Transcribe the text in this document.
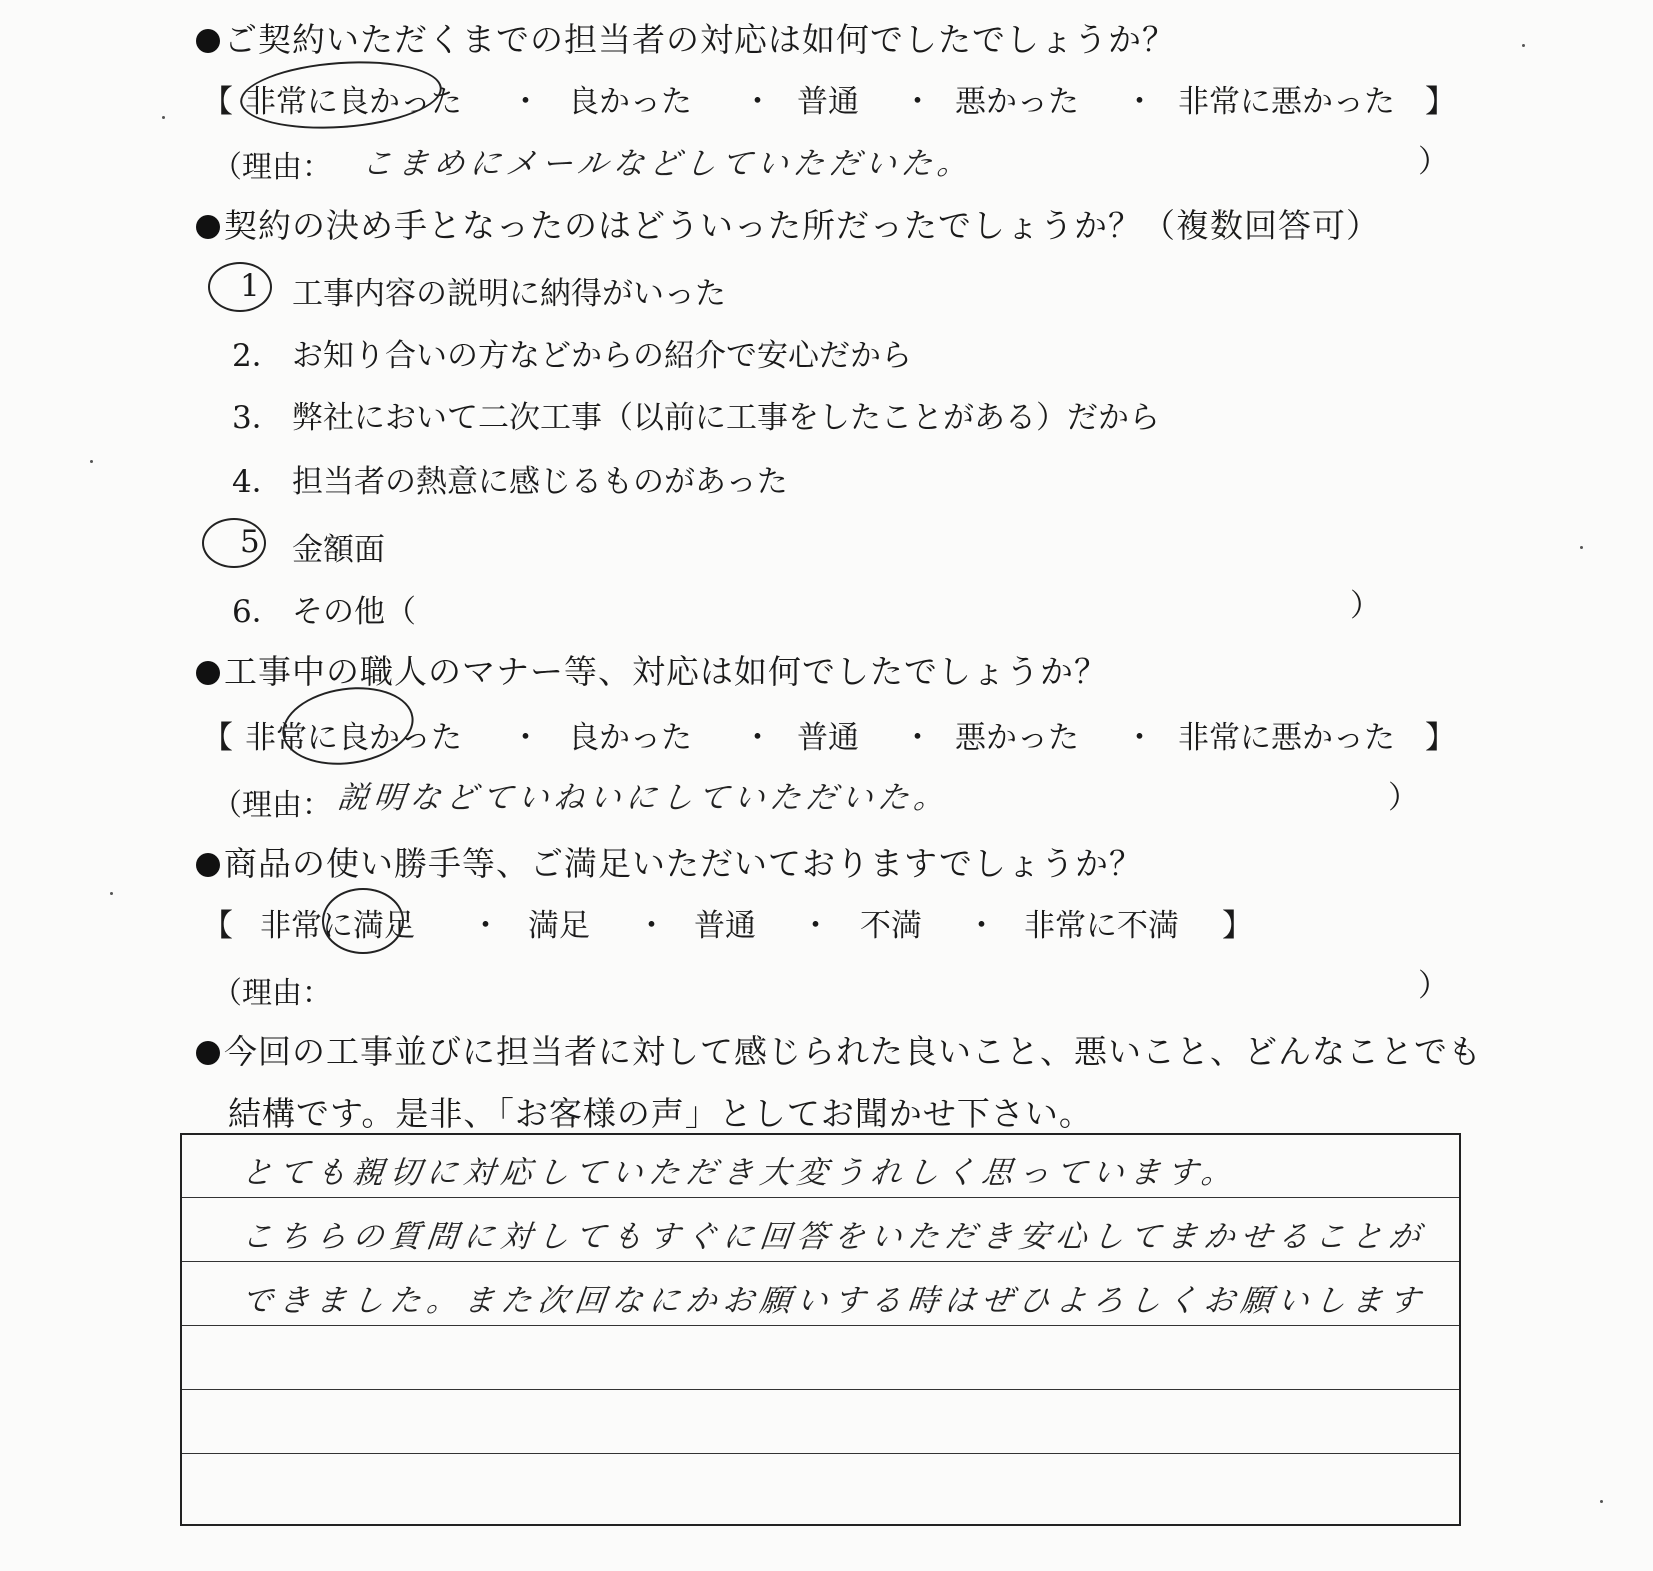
ご契約いただくまでの担当者の対応は如何でしたでしょうか？
【 非常に良かった ・ 良かった ・ 普通 ・ 悪かった ・ 非常に悪かった 】
（理由： こまめにメールなどしていただいた。	）
契約の決め手となったのはどういった所だったでしょうか？（複数回答可）
1 工事内容の説明に納得がいった
2． お知り合いの方などからの紹介で安心だから
3． 弊社において二次工事（以前に工事をしたことがある）だから
4． 担当者の熱意に感じるものがあった
5 金額面
6． その他（	）
工事中の職人のマナー等、対応は如何でしたでしょうか？
【 非常に良かった ・ 良かった ・ 普通 ・ 悪かった ・ 非常に悪かった 】
（理由： 説明などていねいにしていただいた。	）
商品の使い勝手等、ご満足いただいておりますでしょうか？
【 非常に満足 ・ 満足 ・ 普通 ・ 不満 ・ 非常に不満 】
（理由：	）
今回の工事並びに担当者に対して感じられた良いこと、悪いこと、どんなことでも
結構です。是非、「お客様の声」としてお聞かせ下さい。
とても親切に対応していただき大変うれしく思っています。
こちらの質問に対してもすぐに回答をいただき安心してまかせることが
できました。また次回なにかお願いする時はぜひよろしくお願いします
